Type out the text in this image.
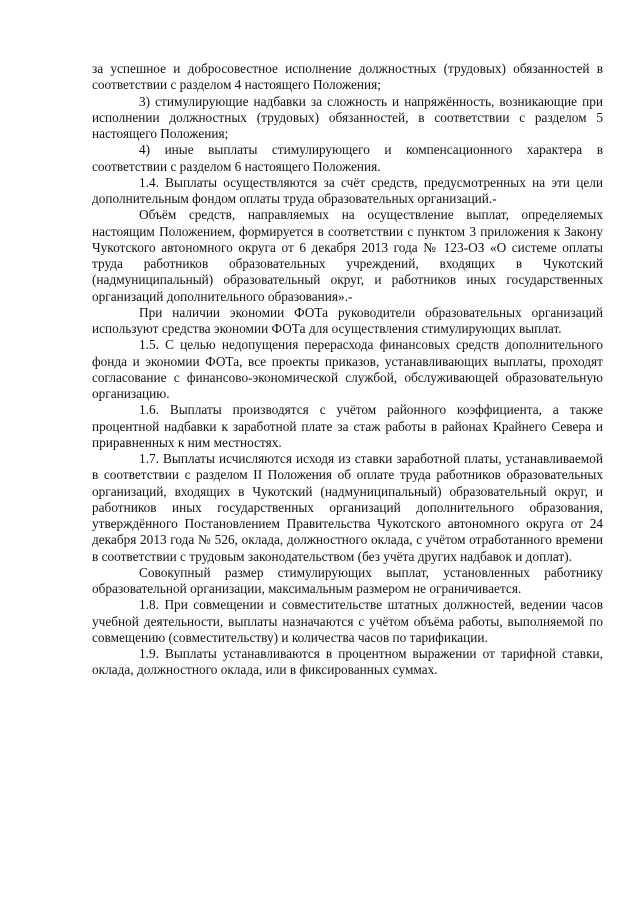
за успешное и добросовестное исполнение должностных (трудовых) обязанностей в соответствии с разделом 4 настоящего Положения;

3) стимулирующие надбавки за сложность и напряжённость, возникающие при исполнении должностных (трудовых) обязанностей, в соответствии с разделом 5 настоящего Положения;

4) иные выплаты стимулирующего и компенсационного характера в соответствии с разделом 6 настоящего Положения.

1.4. Выплаты осуществляются за счёт средств, предусмотренных на эти цели дополнительным фондом оплаты труда образовательных организаций.-

Объём средств, направляемых на осуществление выплат, определяемых настоящим Положением, формируется в соответствии с пунктом 3 приложения к Закону Чукотского автономного округа от 6 декабря 2013 года № 123-ОЗ «О системе оплаты труда работников образовательных учреждений, входящих в Чукотский (надмуниципальный) образовательный округ, и работников иных государственных организаций дополнительного образования».-

При наличии экономии ФОТа руководители образовательных организаций используют средства экономии ФОТа для осуществления стимулирующих выплат.

1.5. С целью недопущения перерасхода финансовых средств дополнительного фонда и экономии ФОТа, все проекты приказов, устанавливающих выплаты, проходят согласование с финансово-экономической службой, обслуживающей образовательную организацию.

1.6. Выплаты производятся с учётом районного коэффициента, а также процентной надбавки к заработной плате за стаж работы в районах Крайнего Севера и приравненных к ним местностях.

1.7. Выплаты исчисляются исходя из ставки заработной платы, устанавливаемой в соответствии с разделом II Положения об оплате труда работников образовательных организаций, входящих в Чукотский (надмуниципальный) образовательный округ, и работников иных государственных организаций дополнительного образования, утверждённого Постановлением Правительства Чукотского автономного округа от 24 декабря 2013 года № 526, оклада, должностного оклада, с учётом отработанного времени в соответствии с трудовым законодательством (без учёта других надбавок и доплат).

Совокупный размер стимулирующих выплат, установленных работнику образовательной организации, максимальным размером не ограничивается.

1.8. При совмещении и совместительстве штатных должностей, ведении часов учебной деятельности, выплаты назначаются с учётом объёма работы, выполняемой по совмещению (совместительству) и количества часов по тарификации.

1.9. Выплаты устанавливаются в процентном выражении от тарифной ставки, оклада, должностного оклада, или в фиксированных суммах.
